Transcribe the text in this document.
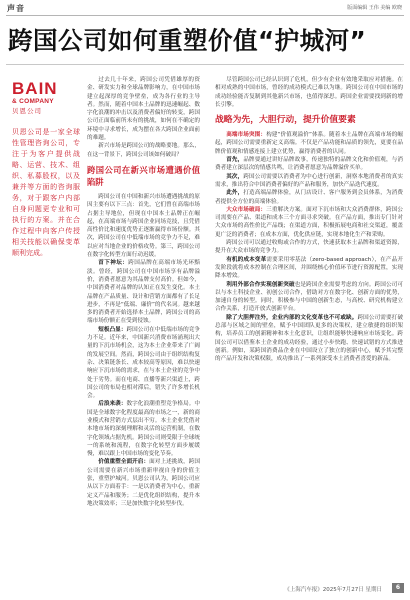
声音	版面编辑 王伟 美编 欧晓
跨国公司如何重塑价值“护城河”
BAIN
& COMPANY
贝恩公司

贝恩公司是一家全球性管理咨询公司，专注于为客户提供战略、运营、技术、组织、私募股权，以及兼并等方面的咨询服务，对于跟客户内部自身问题更专业和可执行的方案。并在合作过程中向客户传授相关技能以确保变革顺利完成。

过去几十年来，跨国公司凭借雄厚的资金、研发实力和全球品牌影响力，在中国市场建立起深厚的竞争壁垒，成为各行业的主导者。然而，随着中国本土品牌的迅速崛起、数字化浪潮的冲击以及消费者偏好的转变，跨国公司正面临前所未有的挑战，如何在不确定的环境中寻求增长，成为摆在各大跨国企业面前的难题。

新兴市场是跨国公司的战略要地。那么，在这一背景下，跨国公司该如何破局？

跨国公司在新兴市场遭遇价值陷阱

跨国公司在中国和新兴市场遭遇挑战的原因主要有以下三点：首先，它们曾在高端市场占据主导地位，但现在中国本土品牌正在崛起，在高端市场与跨国企业同场竞技，且凭借高性价比和速度优势正逐渐赢得市场份额。其次，跨国公司在中低端市场的竞争力不足，难以应对当地企业的价格攻势。第三，跨国公司在数字化转型方面行动迟缓。

首下神坛：跨国品牌在高端市场光环黯淡。曾经，跨国公司在中国市场享有品牌溢价，消费者愿意为其品牌支付高价。但如今，中国消费者对品牌的认知正在发生变化。本土品牌在产品质量、设计和营销方面都有了长足进步，不再是“低端、廉价”的代名词。越来越多的消费者开始选择本土品牌，跨国公司的高端市场份额正在受到侵蚀。

短板凸显：跨国公司在中低端市场的竞争力不足。近年来，中国新兴消费市场涌现出大量的下沉市场机会，这为本土企业带来了广阔的发展空间。然而，跨国公司由于组织结构复杂、决策链条长、成本较高等原因，难以快速响应下沉市场的需求，在与本土企业的竞争中处于劣势。而在电商、直播等新兴渠道上，跨国公司的布局也相对滞后，错失了许多增长机会。

后浪来袭：数字化浪潮重塑竞争格局。中国是全球数字化程度最高的市场之一，新的商业模式和营销方式层出不穷。本土企业凭借对本地市场的深刻理解和灵活的运营机制，在数字化领域占据先机。跨国公司则受限于全球统一的系统和流程，在数字化转型方面步履缓慢，难以跟上中国市场的变化节奏。

价值重塑全面开启：面对上述挑战，跨国公司需要在新兴市场重新审视自身的价值主张，重塑护城河。贝恩公司认为，跨国公司应从以下方面着手：一是以消费者为中心，重新定义产品和服务；二是优化组织结构，提升本地决策效率；三是加快数字化转型步伐。

尽管跨国公司已经认识到了危机，但少有企业有效地采取应对措施。在相对成熟的中国市场，曾经的成功模式已难以为继。跨国公司在中国市场的成功经验能否复制到其他新兴市场，也值得深思。跨国企业需要找到新的增长引擎。

战略为先，大胆行动，提升价值要素

高端市场突围：构建“价值观溢价”体系。随着本土品牌在高端市场的崛起，跨国公司需要重新定义高端。不仅是产品功能和品质的领先，更要在品牌价值观和情感连接上建立优势，赢得消费者的认同。

首先，品牌要通过讲好品牌故事，传递独特的品牌文化和价值观，与消费者建立深层次的情感共鸣，让消费者愿意为品牌溢价买单。

其次，跨国公司需要以消费者为中心进行创新，洞察本地消费者的真实需求，推出符合中国消费者偏好的产品和服务，加快产品迭代速度。

此外，打造高端品牌体验，从门店设计、客户服务到会员体系，为消费者提供全方位的高端体验。

大众市场破局：三重解决方案。面对下沉市场和大众消费群体，跨国公司需要在产品、渠道和成本三个方面寻求突破。在产品方面，推出专门针对大众市场的高性价比产品线；在渠道方面，积极拓展电商和社交渠道，覆盖更广泛的消费者；在成本方面，优化供应链，实现本地化生产和采购。

跨国公司可以通过收购或合作的方式，快速获取本土品牌和渠道资源，提升在大众市场的竞争力。

有机的成本变革需要采用零基法（zero-based approach），在产品开发阶段就将成本控制在合理区间，并围绕核心价值环节进行资源配置，实现降本增效。

利用外部合作实现创新突破也是跨国企业需要考虑的方向。跨国公司可以与本土科技企业、初创公司合作，借助对方在数字化、创新方面的优势，加速自身的转型。同时，积极参与中国的创新生态，与高校、研究机构建立合作关系，打造开放式创新平台。

除了大胆押注外，企业内部的文化变革也不可或缺。跨国公司需要打破总部与区域之间的壁垒，赋予中国团队更多的决策权，建立敏捷的组织架构，培养员工的创新精神和本土化意识，让组织能够快速响应市场变化。跨国公司可以借鉴本土企业的成功经验，通过小步快跑、快速试错的方式推进创新。例如，某跨国消费品企业在中国设立了独立的创新中心，赋予其完整的产品开发和决策权限，成功推出了一系列深受本土消费者喜爱的新品。

《上海汽车报》2025年7月27日 星期日	6
